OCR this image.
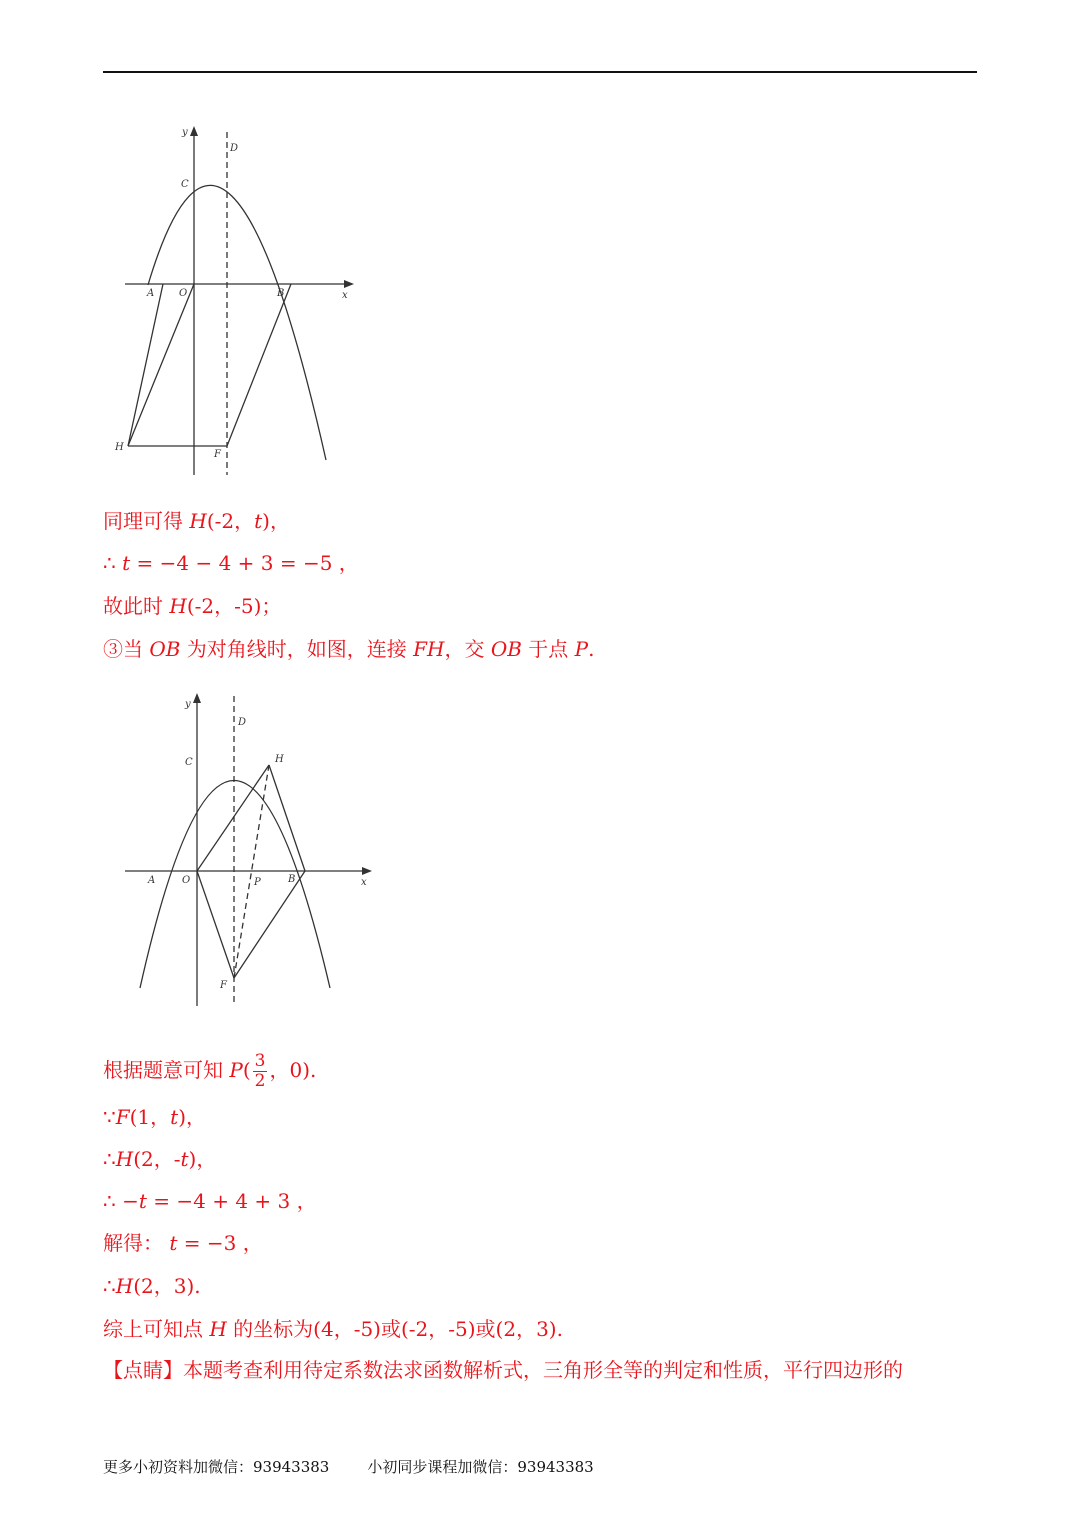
y
x
D
C
A O	B
H
F
同理可得 H(-2，t)，
∴ t = −4 − 4 + 3 = −5 ，
故此时 H(-2，-5)；
③当 OB 为对角线时，如图，连接 FH，交 OB 于点 P.
y
x
D
C	H
A	O	P	B
F
根据题意可知 $P( \frac{3}{2}$ ，0).
∵F(1，t)，
∴H(2，-t)，
∴ −t = −4 + 4 + 3 ，
解得： t = −3 ，
∴H(2，3).
综上可知点 H 的坐标为(4，-5)或(-2，-5)或(2，3).
【点睛】本题考查利用待定系数法求函数解析式，三角形全等的判定和性质，平行四边形的
更多小初资料加微信：93943383	小初同步课程加微信：93943383
